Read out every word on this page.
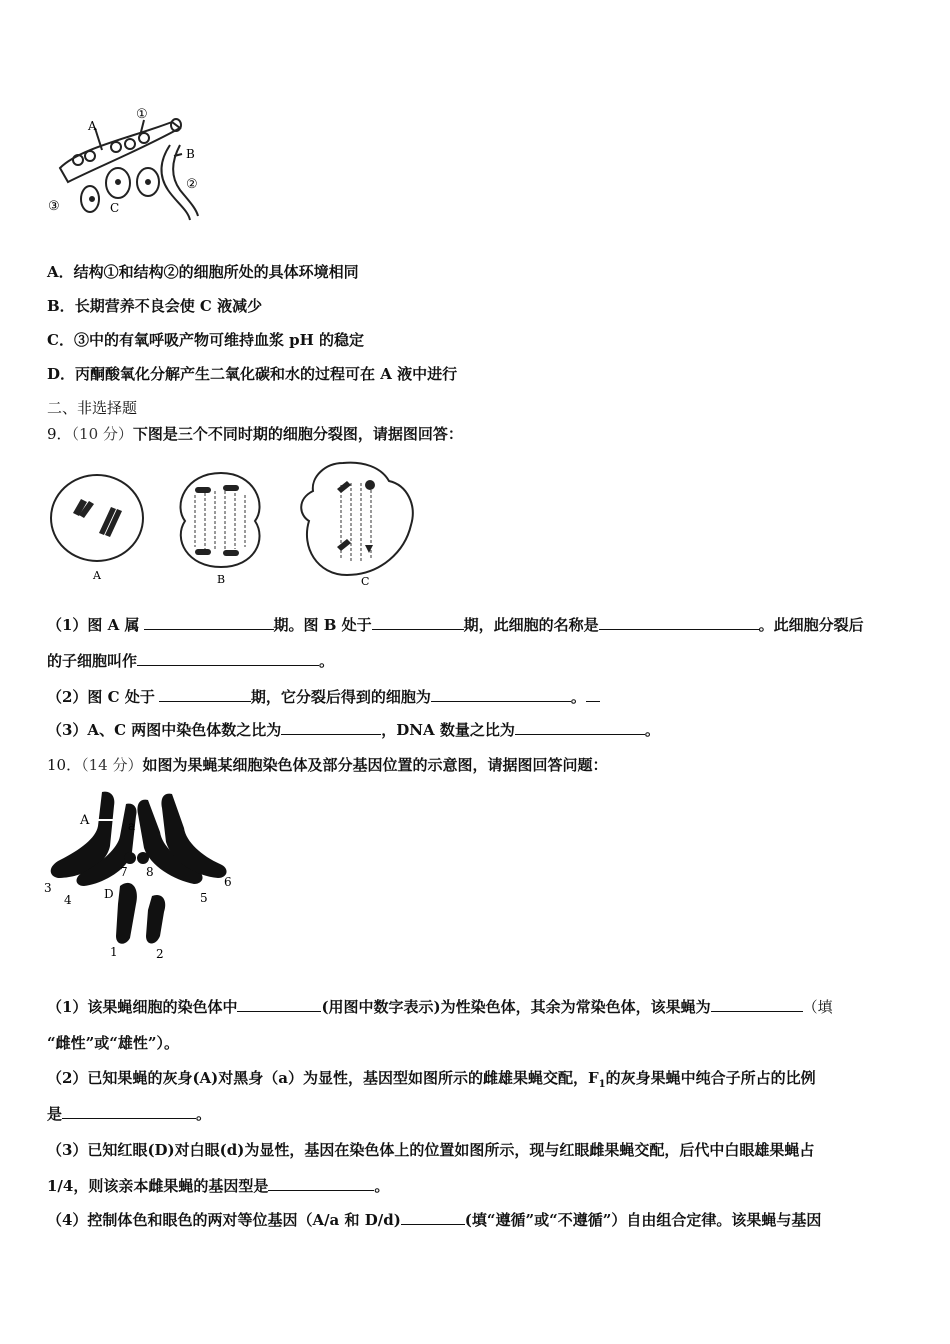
A
①
B
②
③	C
A．结构①和结构②的细胞所处的具体环境相同
B．长期营养不良会使 C 液减少
C．③中的有氧呼吸产物可维持血浆 pH 的稳定
D．丙酮酸氧化分解产生二氧化碳和水的过程可在 A 液中进行
二、非选择题
9．（10 分）下图是三个不同时期的细胞分裂图，请据图回答：
A	B	C
（1）图 A 属	期。图 B 处于	期，此细胞的名称是	。此细胞分裂后
的子细胞叫作	。
（2）图 C 处于	期，它分裂后得到的细胞为	。
（3）A、C 两图中染色体数之比为	，DNA 数量之比为	。
10．（14 分）如图为果蝇某细胞染色体及部分基因位置的示意图，请据图回答问题：
A	a
7 8
3
4	D	5
6
1	2
（1）该果蝇细胞的染色体中	(用图中数字表示)为性染色体，其余为常染色体，该果蝇为	（填
“雌性”或“雄性”）。
（2）已知果蝇的灰身(A)对黑身（a）为显性，基因型如图所示的雌雄果蝇交配，$F_1$的灰身果蝇中纯合子所占的比例
是	。
（3）已知红眼(D)对白眼(d)为显性，基因在染色体上的位置如图所示，现与红眼雌果蝇交配，后代中白眼雄果蝇占
1/4，则该亲本雌果蝇的基因型是	。
（4）控制体色和眼色的两对等位基因（A/a 和 D/d)	(填“遵循”或“不遵循”）自由组合定律。该果蝇与基因
